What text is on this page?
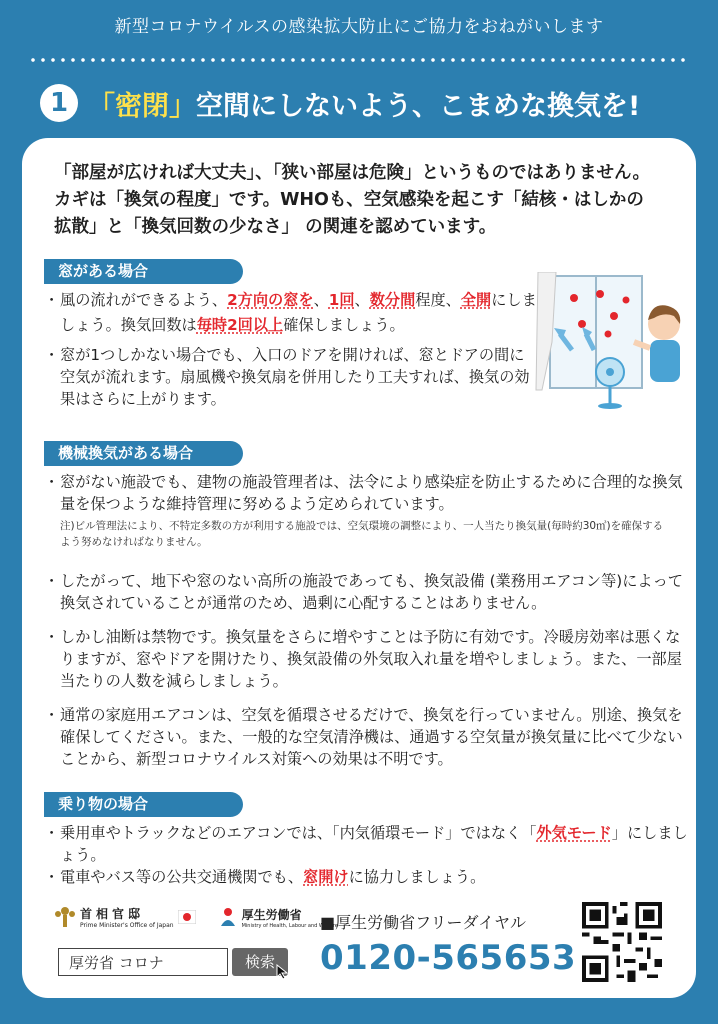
新型コロナウイルスの感染拡大防止にご協力をおねがいします
1 「 密閉 」 空間にしないよう、こまめな換気を!
「部屋が広ければ大丈夫」、「狭い部屋は危険」というものではありません。
カギは「換気の程度」です。WHOも、空気感染を起こす「結核・はしかの
拡散」と「換気回数の少なさ」 の関連を認めています。
窓がある場合
・風の流れができるよう、2方向の窓を、1回、数分間程度、全開にしましょう。換気回数は毎時2回以上確保しましょう。
・窓が1つしかない場合でも、入口のドアを開ければ、窓とドアの間に空気が流れます。扇風機や換気扇を併用したり工夫すれば、換気の効果はさらに上がります。
機械換気がある場合
・窓がない施設でも、建物の施設管理者は、法令により感染症を防止するために合理的な換気量を保つような維持管理に努めるよう定められています。
注)ビル管理法により、不特定多数の方が利用する施設では、空気環境の調整により、一人当たり換気量(毎時約30㎥)を確保するよう努めなければなりません。
・したがって、地下や窓のない高所の施設であっても、換気設備 (業務用エアコン等)によって換気されていることが通常のため、過剰に心配することはありません。
・しかし油断は禁物です。換気量をさらに増やすことは予防に有効です。冷暖房効率は悪くなりますが、窓やドアを開けたり、換気設備の外気取入れ量を増やしましょう。また、一部屋当たりの人数を減らしましょう。
・通常の家庭用エアコンは、空気を循環させるだけで、換気を行っていません。別途、換気を確保してください。また、一般的な空気清浄機は、通過する空気量が換気量に比べて少ないことから、新型コロナウイルス対策への効果は不明です。
乗り物の場合
・乗用車やトラックなどのエアコンでは、「内気循環モード」ではなく「外気モード」にしましょう。
・電車やバス等の公共交通機関でも、窓開けに協力しましょう。
首相官邸
Prime Minister's Office of Japan
厚生労働省
Ministry of Health, Labour and Welfare
厚労省 コロナ	検索
■厚生労働省フリーダイヤル
0120-565653
